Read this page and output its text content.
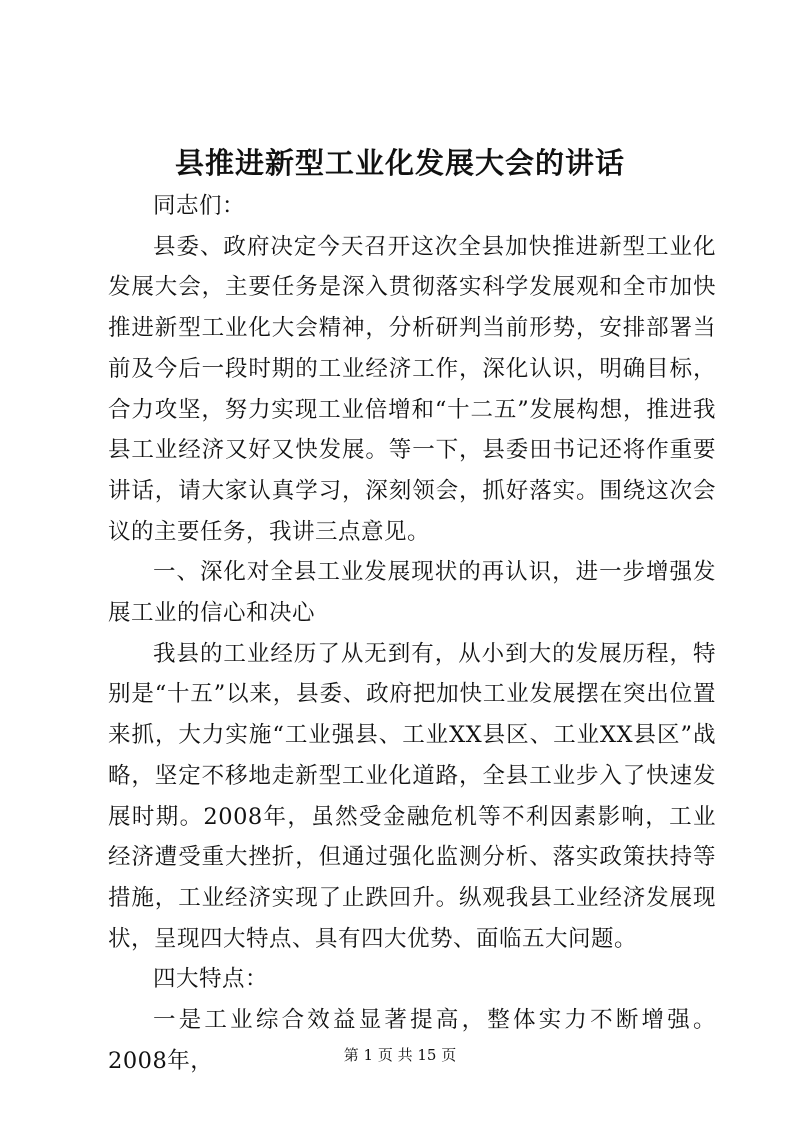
县推进新型工业化发展大会的讲话

同志们：

县委、政府决定今天召开这次全县加快推进新型工业化发展大会，主要任务是深入贯彻落实科学发展观和全市加快推进新型工业化大会精神，分析研判当前形势，安排部署当前及今后一段时期的工业经济工作，深化认识，明确目标，合力攻坚，努力实现工业倍增和“十二五”发展构想，推进我县工业经济又好又快发展。等一下，县委田书记还将作重要讲话，请大家认真学习，深刻领会，抓好落实。围绕这次会议的主要任务，我讲三点意见。

一、深化对全县工业发展现状的再认识，进一步增强发展工业的信心和决心

我县的工业经历了从无到有，从小到大的发展历程，特别是“十五”以来，县委、政府把加快工业发展摆在突出位置来抓，大力实施“工业强县、工业XX县区、工业XX县区”战略，坚定不移地走新型工业化道路，全县工业步入了快速发展时期。2008年，虽然受金融危机等不利因素影响，工业经济遭受重大挫折，但通过强化监测分析、落实政策扶持等措施，工业经济实现了止跌回升。纵观我县工业经济发展现状，呈现四大特点、具有四大优势、面临五大问题。

四大特点：

一是工业综合效益显著提高，整体实力不断增强。2008年，	第 1 页 共 15 页
